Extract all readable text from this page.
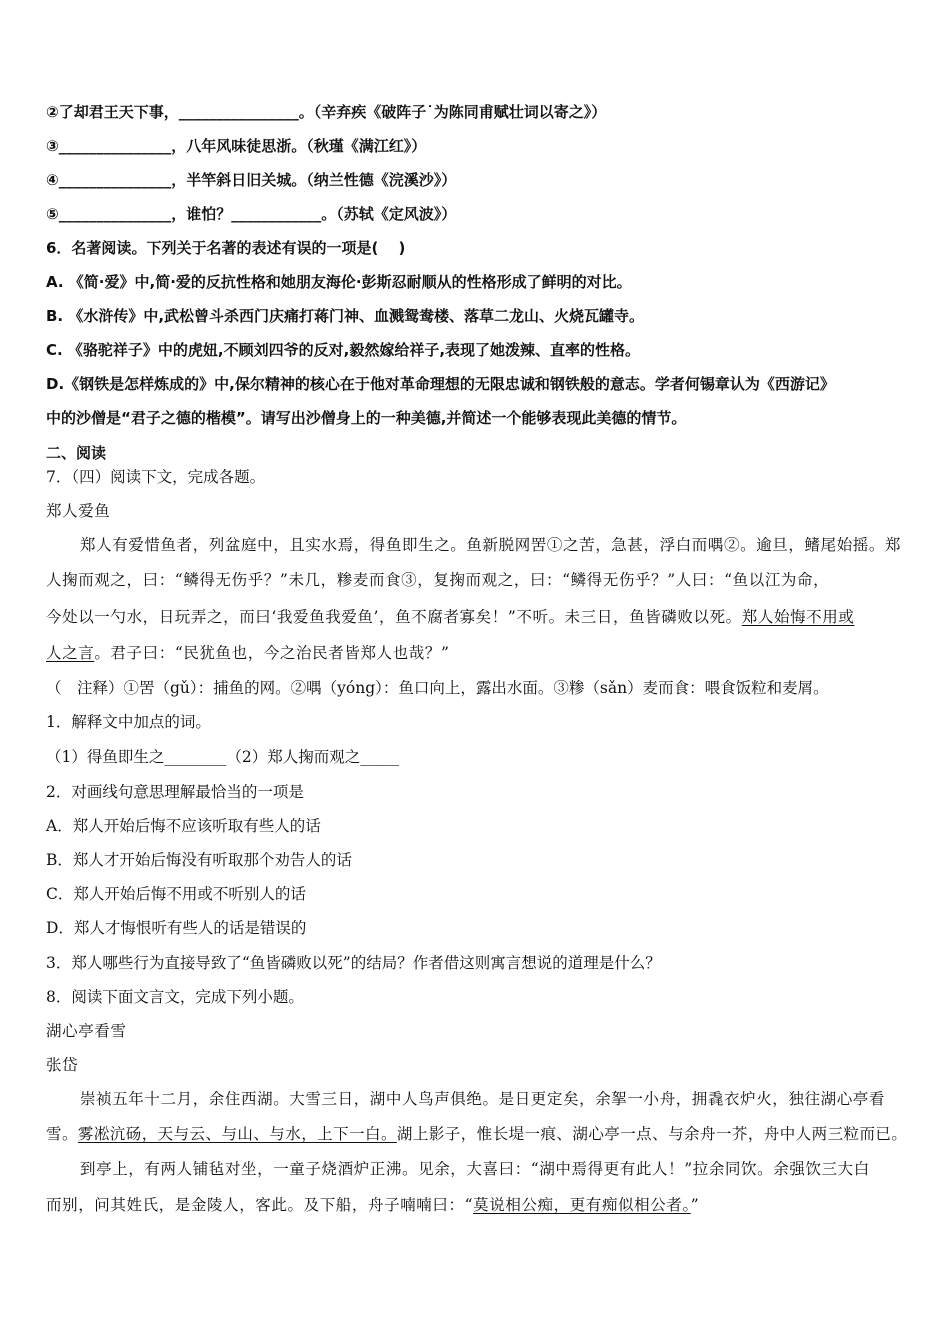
②了却君王天下事，________________。（辛弃疾《破阵子˙为陈同甫赋壮词以寄之》）
③_______________，八年风味徒思浙。（秋瑾《满江红》）
④_______________，半竿斜日旧关城。（纳兰性德《浣溪沙》）
⑤_______________，谁怕？____________。（苏轼《定风波》）
6．名著阅读。下列关于名著的表述有误的一项是(　 )
A. 《简·爱》中,简·爱的反抗性格和她朋友海伦·彭斯忍耐顺从的性格形成了鲜明的对比。
B. 《水浒传》中,武松曾斗杀西门庆痛打蒋门神、血溅鸳鸯楼、落草二龙山、火烧瓦罐寺。
C. 《骆驼祥子》中的虎妞,不顾刘四爷的反对,毅然嫁给祥子,表现了她泼辣、直率的性格。
D.《钢铁是怎样炼成的》中,保尔精神的核心在于他对革命理想的无限忠诚和钢铁般的意志。学者何锡章认为《西游记》
中的沙僧是“君子之德的楷模”。请写出沙僧身上的一种美德,并简述一个能够表现此美德的情节。
二、阅读
7．（四）阅读下文，完成各题。
郑人爱鱼
郑人有爱惜鱼者，列盆庭中，且实水焉，得鱼即生之。鱼新脱网罟①之苦，急甚，浮白而喁②。逾旦，鳍尾始摇。郑
人掬而观之，曰：“鳞得无伤乎？”未几，糁麦而食③，复掬而观之，曰：“鳞得无伤乎？”人曰：“鱼以江为命，
今处以一勺水，日玩弄之，而曰‘我爱鱼我爱鱼’，鱼不腐者寡矣！”不听。未三日，鱼皆磷败以死。郑人始悔不用或
人之言。君子曰：“民犹鱼也，今之治民者皆郑人也哉？”
（　注释）①罟（gǔ）：捕鱼的网。②喁（yóng）：鱼口向上，露出水面。③糁（sǎn）麦而食：喂食饭粒和麦屑。
1．解释文中加点的词。
（1）得鱼即生之________（2）郑人掬而观之_____
2．对画线句意思理解最恰当的一项是
A．郑人开始后悔不应该听取有些人的话
B．郑人才开始后悔没有听取那个劝告人的话
C．郑人开始后悔不用或不听别人的话
D．郑人才悔恨听有些人的话是错误的
3．郑人哪些行为直接导致了“鱼皆磷败以死”的结局？作者借这则寓言想说的道理是什么？
8．阅读下面文言文，完成下列小题。
湖心亭看雪
张岱
崇祯五年十二月，余住西湖。大雪三日，湖中人鸟声俱绝。是日更定矣，余挐一小舟，拥毳衣炉火，独往湖心亭看
雪。雾凇沆砀，天与云、与山、与水，上下一白。湖上影子，惟长堤一痕、湖心亭一点、与余舟一芥，舟中人两三粒而已。
到亭上，有两人铺毡对坐，一童子烧酒炉正沸。见余，大喜曰：“湖中焉得更有此人！”拉余同饮。余强饮三大白
而别，问其姓氏，是金陵人，客此。及下船，舟子喃喃曰：“莫说相公痴，更有痴似相公者。”
